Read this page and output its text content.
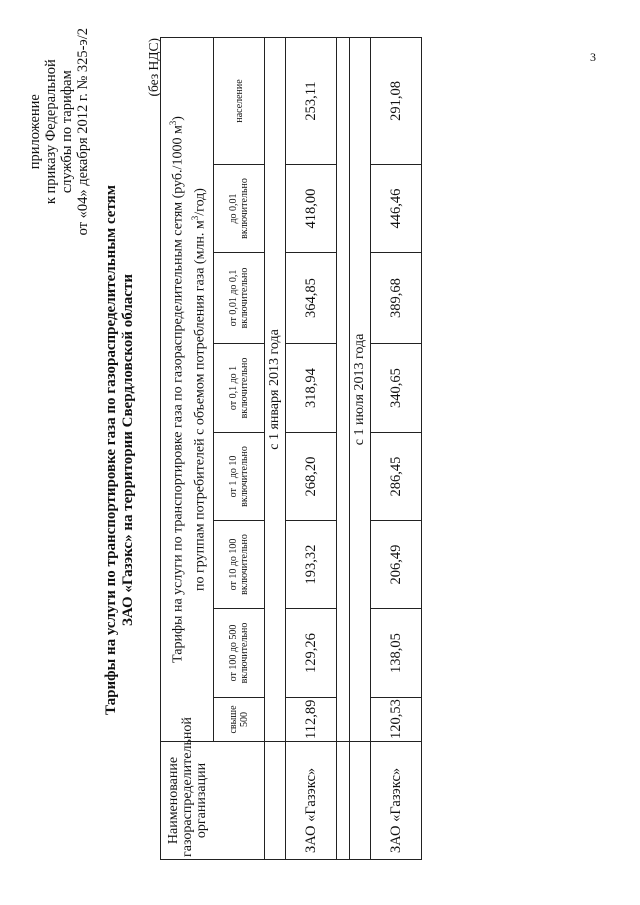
3
приложение к приказу Федеральной службы по тарифам от «04» декабря 2012 г. № 325-э/2
Тарифы на услуги по транспортировке газа по газораспределительным сетям ЗАО «Газэкс» на территории Свердловской области
(без НДС)
Наименование газораспределительной организации	Тарифы на услуги по транспортировке газа по газораспределительным сетям (руб./1000 $м^3$)
по группам потребителей с объемом потребления газа (млн. $м^3/год$)							
	свыше 500	от 100 до 500 включительно	от 10 до 100 включительно	от 1 до 10 включительно	от 0,1 до 1 включительно	от 0,01 до 0,1 включительно	до 0,01 включительно	население
	с 1 января 2013 года							
ЗАО «Газэкс»	112,89	129,26	193,32	268,20	318,94	364,85	418,00	253,11

	с 1 июля 2013 года							
ЗАО «Газэкс»	120,53	138,05	206,49	286,45	340,65	389,68	446,46	291,08
